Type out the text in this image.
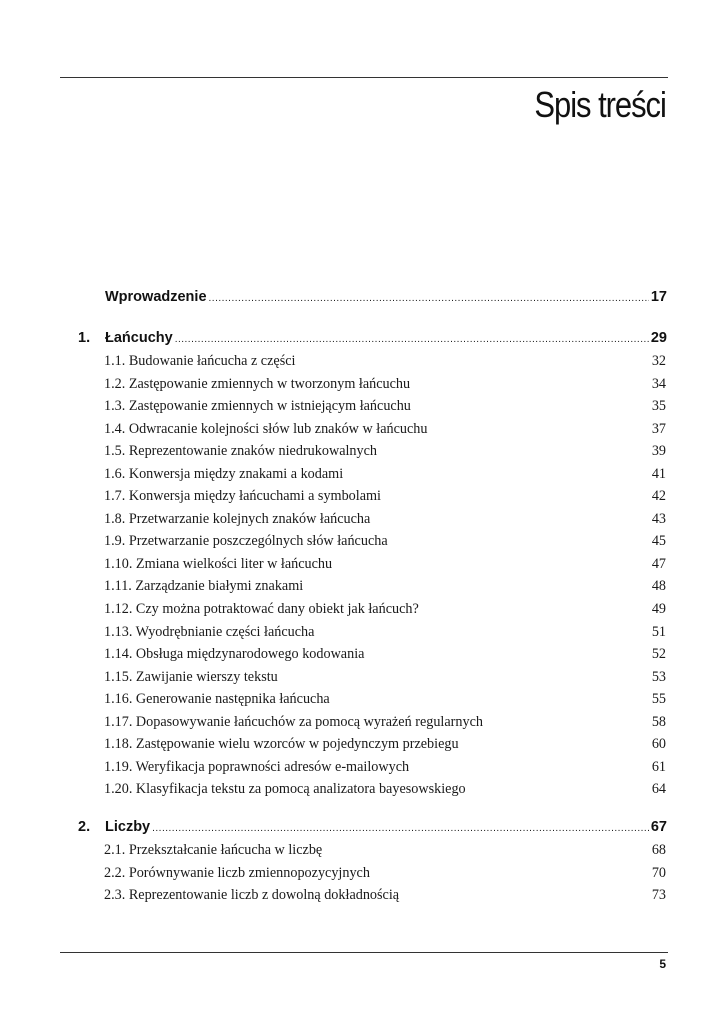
Spis treści
Wprowadzenie .....	17
1.	Łańcuchy .....	29
1.1. Budowanie łańcucha z części	32
1.2. Zastępowanie zmiennych w tworzonym łańcuchu	34
1.3. Zastępowanie zmiennych w istniejącym łańcuchu	35
1.4. Odwracanie kolejności słów lub znaków w łańcuchu	37
1.5. Reprezentowanie znaków niedrukowalnych	39
1.6. Konwersja między znakami a kodami	41
1.7. Konwersja między łańcuchami a symbolami	42
1.8. Przetwarzanie kolejnych znaków łańcucha	43
1.9. Przetwarzanie poszczególnych słów łańcucha	45
1.10. Zmiana wielkości liter w łańcuchu	47
1.11. Zarządzanie białymi znakami	48
1.12. Czy można potraktować dany obiekt jak łańcuch?	49
1.13. Wyodrębnianie części łańcucha	51
1.14. Obsługa międzynarodowego kodowania	52
1.15. Zawijanie wierszy tekstu	53
1.16. Generowanie następnika łańcucha	55
1.17. Dopasowywanie łańcuchów za pomocą wyrażeń regularnych	58
1.18. Zastępowanie wielu wzorców w pojedynczym przebiegu	60
1.19. Weryfikacja poprawności adresów e-mailowych	61
1.20. Klasyfikacja tekstu za pomocą analizatora bayesowskiego	64
2.	Liczby .....	67
2.1. Przekształcanie łańcucha w liczbę	68
2.2. Porównywanie liczb zmiennopozycyjnych	70
2.3. Reprezentowanie liczb z dowolną dokładnością	73
5
